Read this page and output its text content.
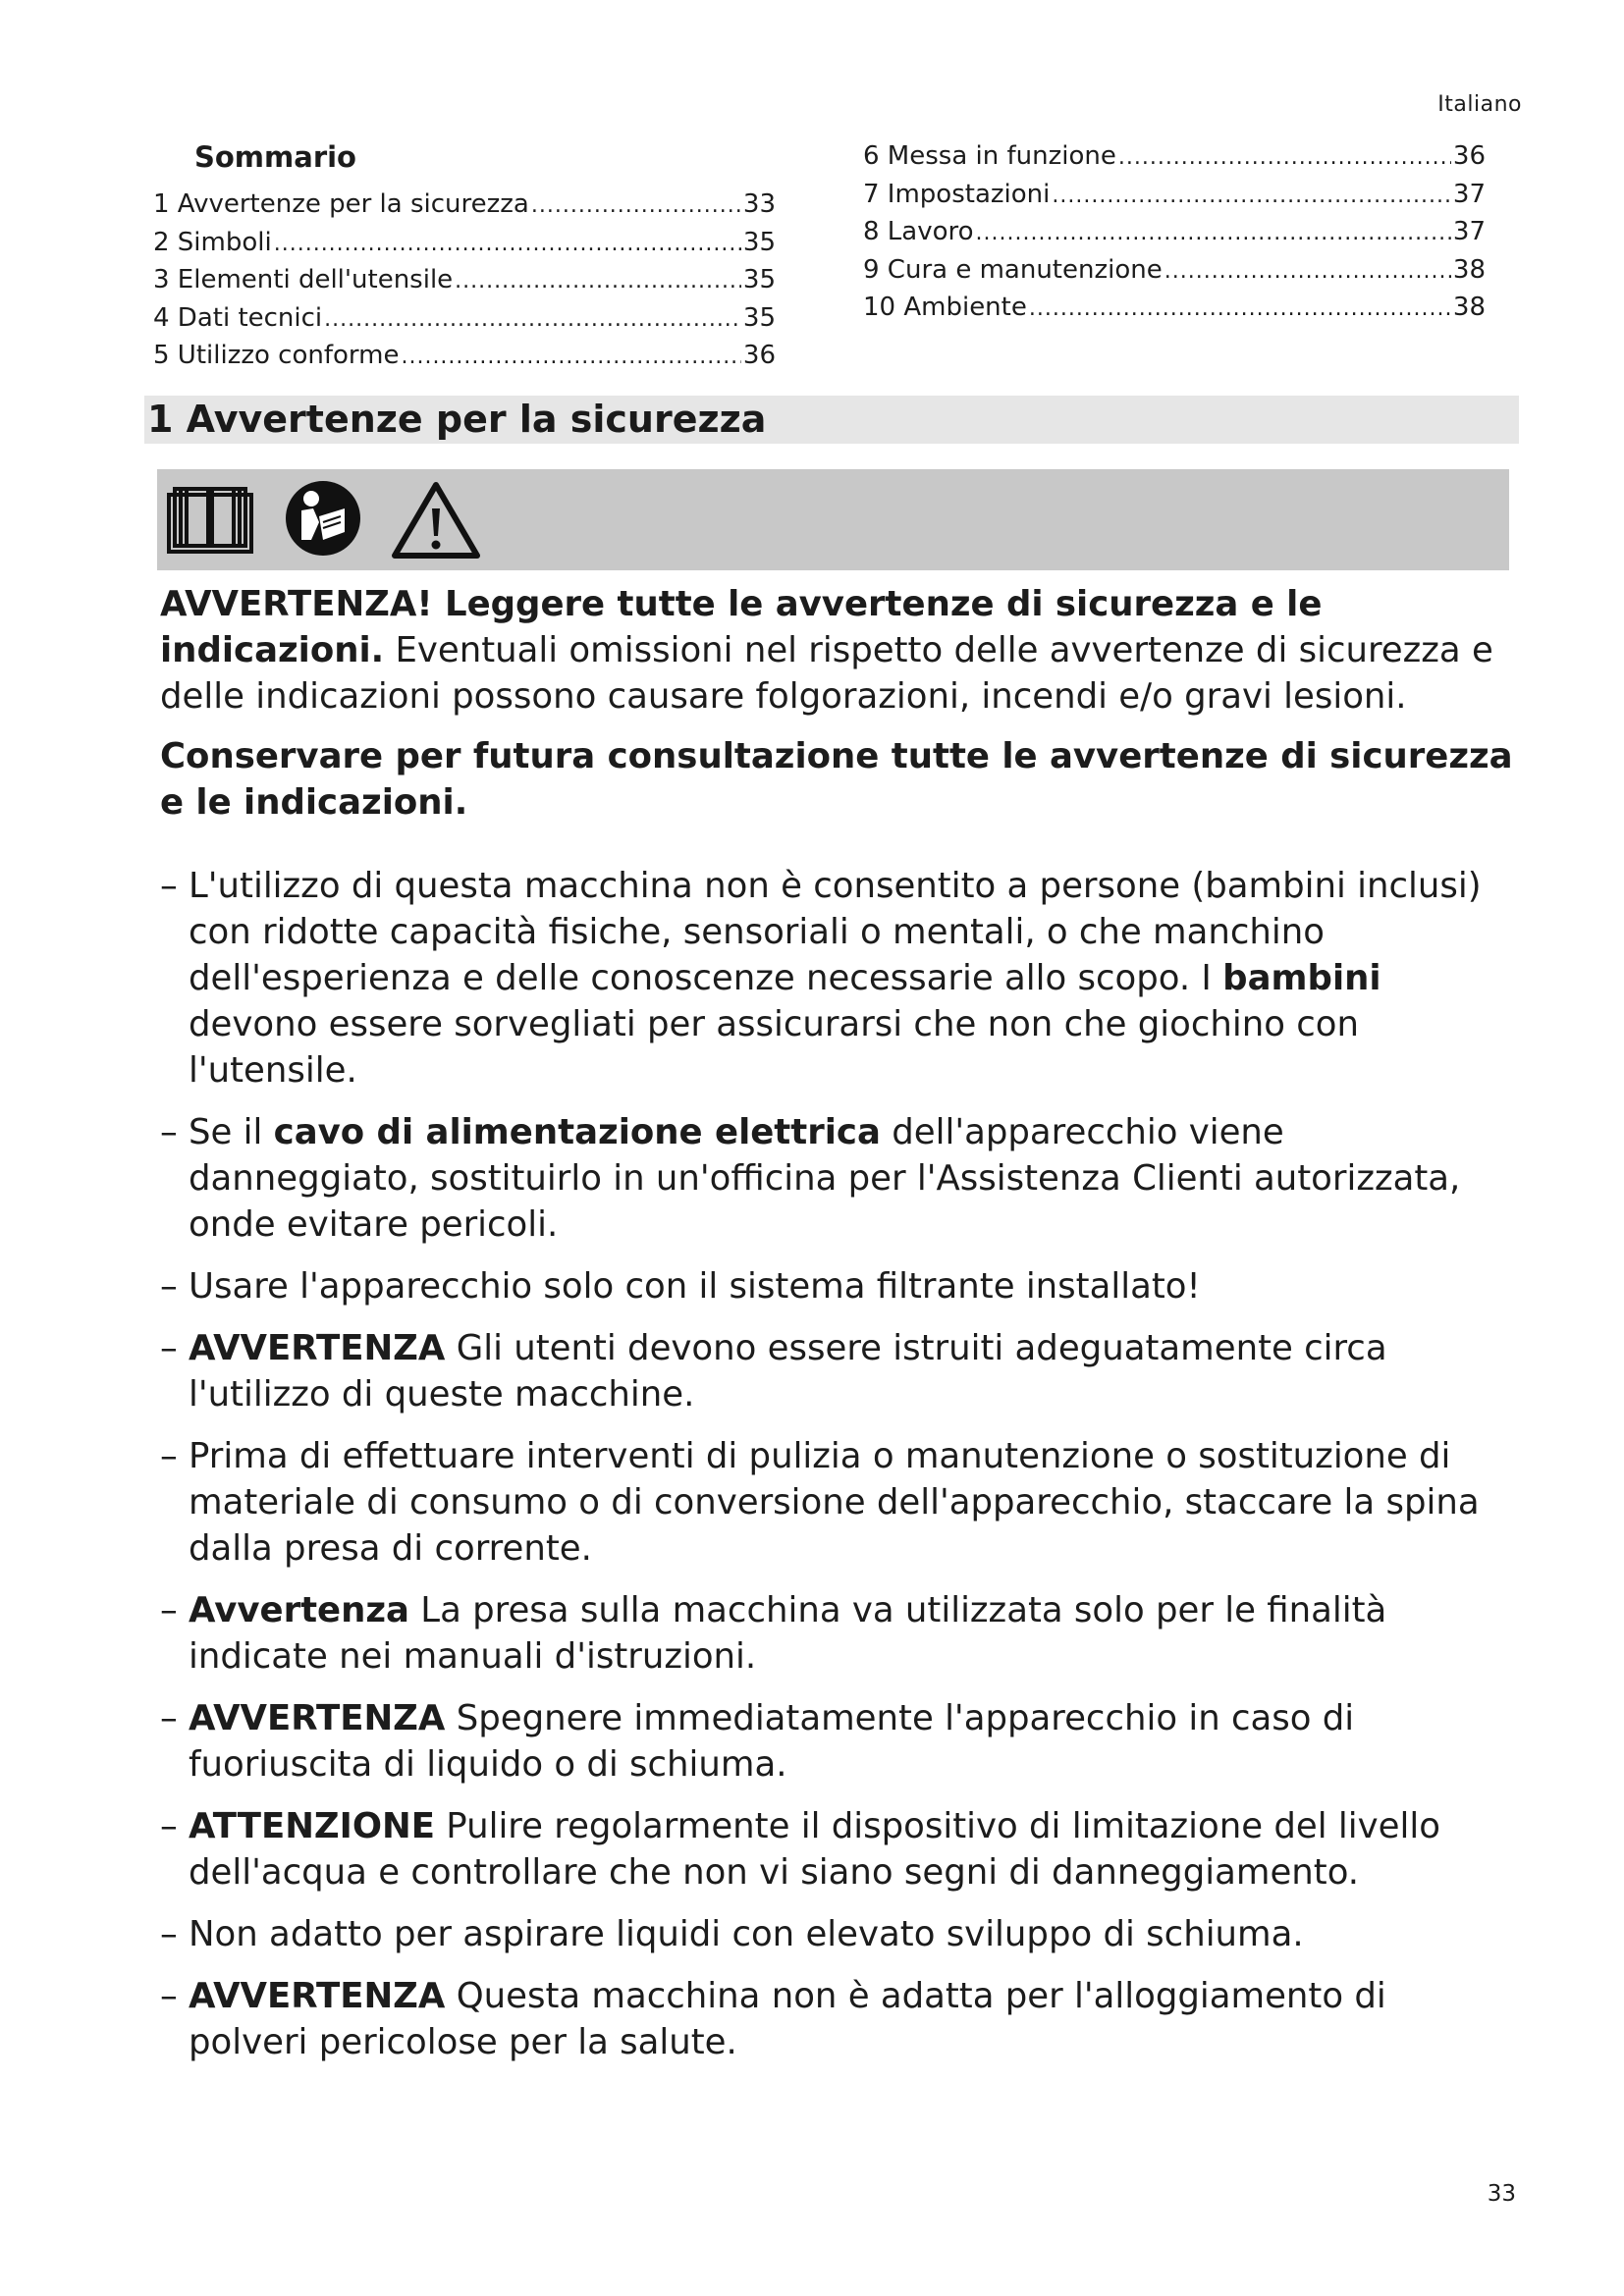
Italiano
Sommario
1 Avvertenze per la sicurezza .....	33
2 Simboli .....	35
3 Elementi dell'utensile .....	35
4 Dati tecnici .....	35
5 Utilizzo conforme .....	36
6 Messa in funzione .....	36
7 Impostazioni .....	37
8 Lavoro .....	37
9 Cura e manutenzione .....	38
10 Ambiente .....	38
1 Avvertenze per la sicurezza

AVVERTENZA! Leggere tutte le avvertenze di sicurezza e le indicazioni. Eventuali omissioni nel rispetto delle avvertenze di sicurezza e delle indicazioni possono causare folgorazioni, incendi e/o gravi lesioni.

Conservare per futura consultazione tutte le avvertenze di sicurezza e le indicazioni.

– L'utilizzo di questa macchina non è consentito a persone (bambini inclusi) con ridotte capacità fisiche, sensoriali o mentali, o che manchino dell'esperienza e delle conoscenze necessarie allo scopo. I bambini devono essere sorvegliati per assicurarsi che non che giochino con l'utensile.
– Se il cavo di alimentazione elettrica dell'apparecchio viene danneggiato, sostituirlo in un'officina per l'Assistenza Clienti autorizzata, onde evitare pericoli.
– Usare l'apparecchio solo con il sistema filtrante installato!
– AVVERTENZA Gli utenti devono essere istruiti adeguatamente circa l'utilizzo di queste macchine.
– Prima di effettuare interventi di pulizia o manutenzione o sostituzione di materiale di consumo o di conversione dell'apparecchio, staccare la spina dalla presa di corrente.
– Avvertenza La presa sulla macchina va utilizzata solo per le finalità indicate nei manuali d'istruzioni.
– AVVERTENZA Spegnere immediatamente l'apparecchio in caso di fuoriuscita di liquido o di schiuma.
– ATTENZIONE Pulire regolarmente il dispositivo di limitazione del livello dell'acqua e controllare che non vi siano segni di danneggiamento.
– Non adatto per aspirare liquidi con elevato sviluppo di schiuma.
– AVVERTENZA Questa macchina non è adatta per l'alloggiamento di polveri pericolose per la salute.
33
